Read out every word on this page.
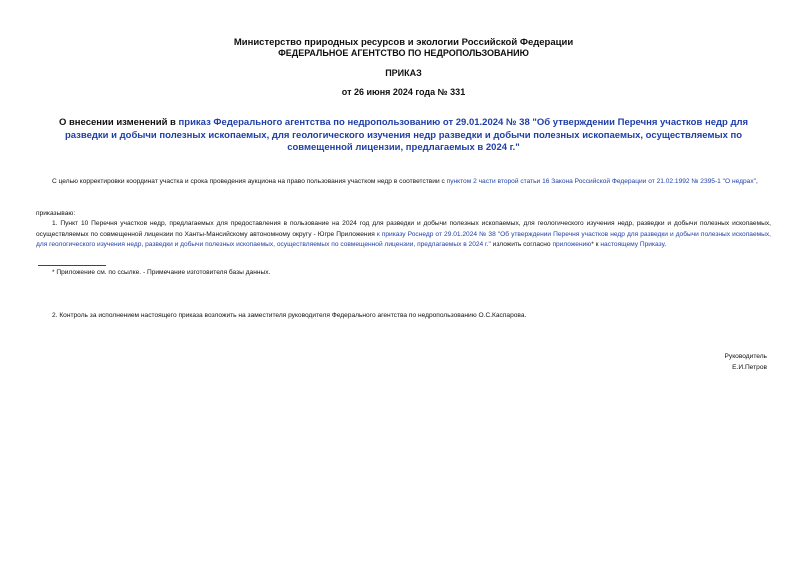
Министерство природных ресурсов и экологии Российской Федерации
ФЕДЕРАЛЬНОЕ АГЕНТСТВО ПО НЕДРОПОЛЬЗОВАНИЮ
ПРИКАЗ
от 26 июня 2024 года № 331
О внесении изменений в приказ Федерального агентства по недропользованию от 29.01.2024 № 38 "Об утверждении Перечня участков недр для разведки и добычи полезных ископаемых, для геологического изучения недр разведки и добычи полезных ископаемых, осуществляемых по совмещенной лицензии, предлагаемых в 2024 г."
С целью корректировки координат участка и срока проведения аукциона на право пользования участком недр в соответствии с пунктом 2 части второй статьи 16 Закона Российской Федерации от 21.02.1992 № 2395-1 "О недрах",
приказываю:
1. Пункт 10 Перечня участков недр, предлагаемых для предоставления в пользование на 2024 год для разведки и добычи полезных ископаемых, для геологического изучения недр, разведки и добычи полезных ископаемых, осуществляемых по совмещенной лицензии по Ханты-Мансийскому автономному округу - Югре Приложения к приказу Роснедр от 29.01.2024 № 38 "Об утверждении Перечня участков недр для разведки и добычи полезных ископаемых, для геологического изучения недр, разведки и добычи полезных ископаемых, осуществляемых по совмещенной лицензии, предлагаемых в 2024 г." изложить согласно приложению* к настоящему Приказу.
* Приложение см. по ссылке. - Примечание изготовителя базы данных.
2. Контроль за исполнением настоящего приказа возложить на заместителя руководителя Федерального агентства по недропользованию О.С.Каспарова.
Руководитель
Е.И.Петров
